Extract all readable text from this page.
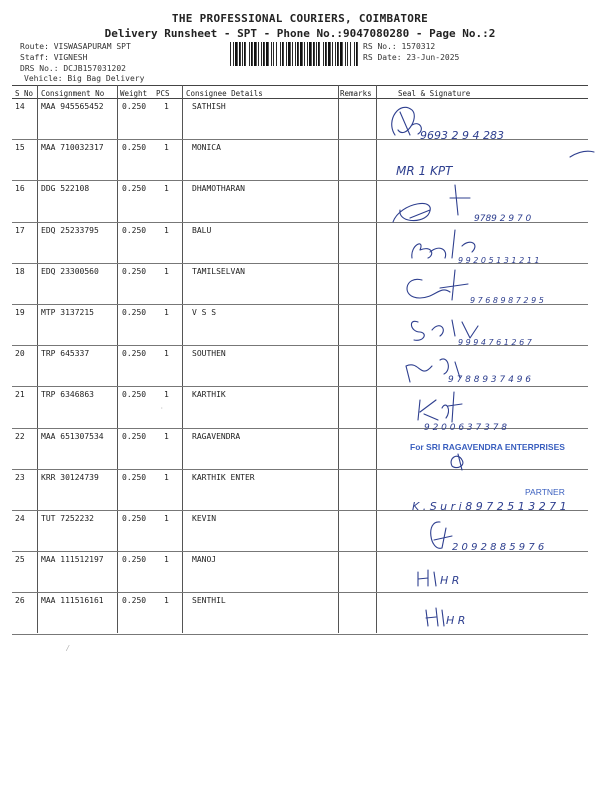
THE PROFESSIONAL COURIERS, COIMBATORE
Delivery Runsheet - SPT - Phone No.:9047080280 - Page No.:2
Route: VISWASAPURAM SPT
Staff: VIGNESH
DRS No.: DCJB157031202
Vehicle: Big Bag Delivery
RS No.: 1570312
RS Date: 23-Jun-2025
S No Consignment No Weight PCS Consignee Details	Remarks	Seal & Signature
14 MAA 945565452 0.250 1	SATHISH
15 MAA 710032317 0.250 1	MONICA
16 DDG 522108	0.250 1	DHAMOTHARAN
17 EDQ 25233795	0.250 1	BALU
18 EDQ 23300560	0.250 1	TAMILSELVAN
19 MTP 3137215	0.250 1	V S S
20 TRP 645337	0.250 1	SOUTHEN
21 TRP 6346863	0.250 1	KARTHIK
22 MAA 651307534 0.250 1	RAGAVENDRA
23 KRR 30124739	0.250 1	KARTHIK ENTER
24 TUT 7252232	0.250 1	KEVIN
25 MAA 111512197 0.250 1	MANOJ
26 MAA 111516161 0.250 1	SENTHIL
9693 2 9 4 283
MR 1 KPT
9789 2 9 7 0
9 9 2 0 5 1 3 1 2 1 1
9 7 6 8 9 8 7 2 9 5
9 9 9 4 7 6 1 2 6 7
9 7 8 8 9 3 7 4 9 6
9 2 0 0 6 3 7 3 7 8
K . S u r i 8 9 7 2 5 1 3 2 7 1
2 0 9 2 8 8 5 9 7 6
H R
H R
⁄
·
For SRI RAGAVENDRA ENTERPRISES
PARTNER
